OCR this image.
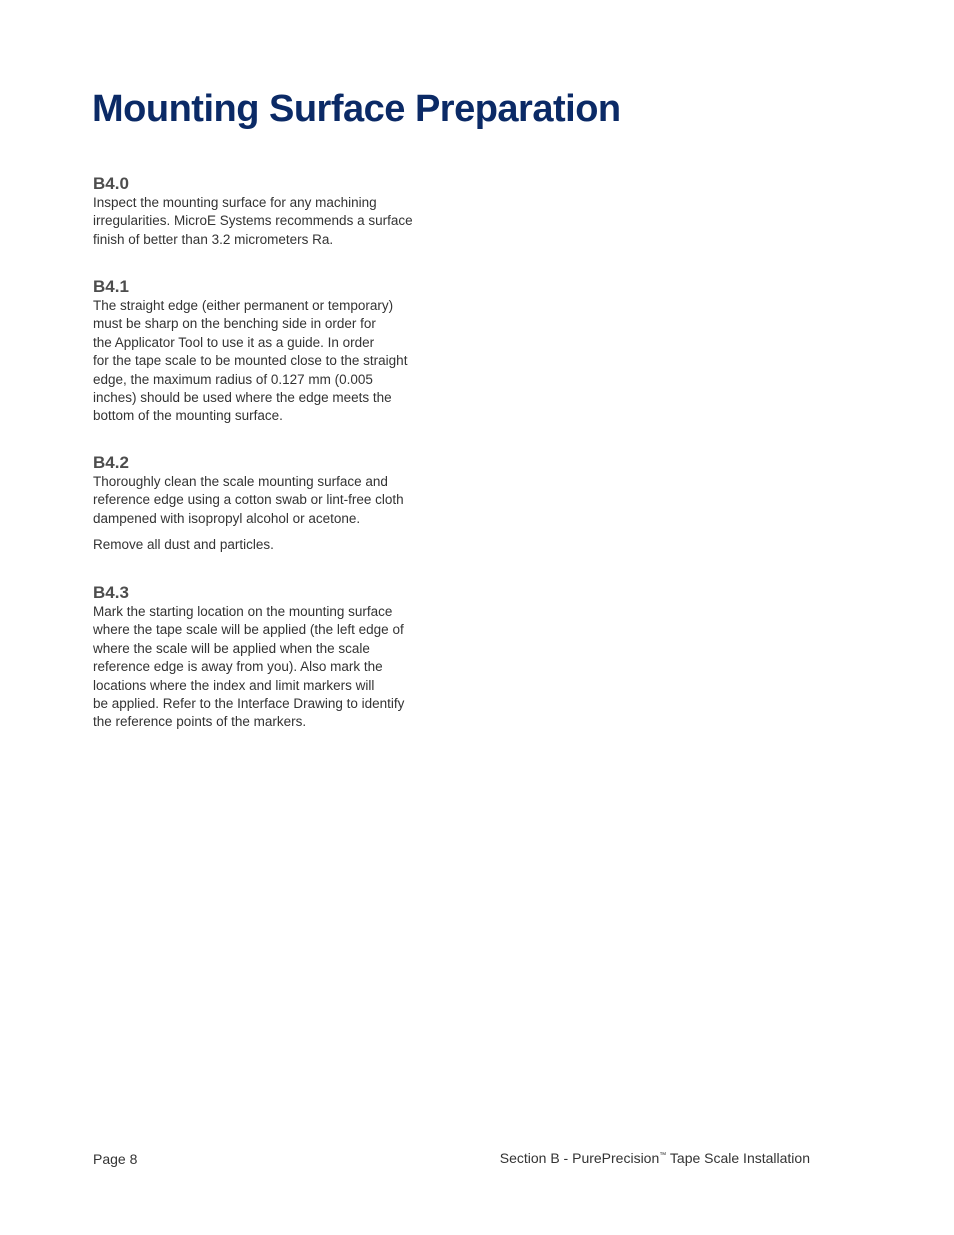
Mounting Surface Preparation
B4.0

Inspect the mounting surface for any machining
irregularities. MicroE Systems recommends a surface
finish of better than 3.2 micrometers Ra.

B4.1

The straight edge (either permanent or temporary)
must be sharp on the benching side in order for
the Applicator Tool to use it as a guide. In order
for the tape scale to be mounted close to the straight
edge, the maximum radius of 0.127 mm (0.005
inches) should be used where the edge meets the
bottom of the mounting surface.

B4.2

Thoroughly clean the scale mounting surface and
reference edge using a cotton swab or lint-free cloth
dampened with isopropyl alcohol or acetone.

Remove all dust and particles.

B4.3

Mark the starting location on the mounting surface
where the tape scale will be applied (the left edge of
where the scale will be applied when the scale
reference edge is away from you). Also mark the
locations where the index and limit markers will
be applied. Refer to the Interface Drawing to identify
the reference points of the markers.

Page 8	Section B - PurePrecision™ Tape Scale Installation
